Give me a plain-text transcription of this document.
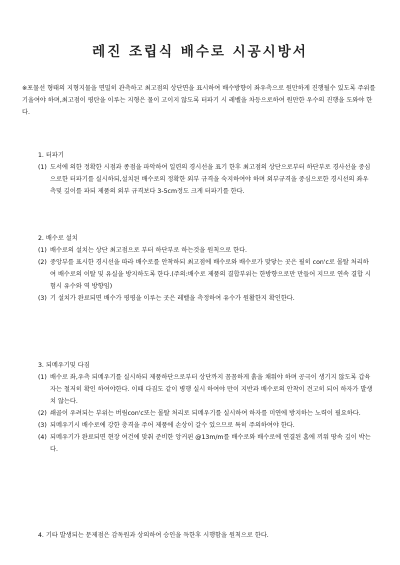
레진 조립식 배수로 시공시방서
※포물선 형태의 지형지물을 면밀히 관측하고 최고점의 상단면을 표시하여 배수방향이 좌우측으로 원만하게 진행될수 있도록 주위를 기울여야 하며,최고점이 평탄을 이루는 지형은 물이 고이지 않도록 터파기 시 레벨을 차등으로하여 원만한 우수의 진행을 도와야 한다.
1. 터파기
(1) 도서에 의한 정확한 시점과 종점을 파악하여 일련의 경시선을 표기 한후 최고점의 상단으로부터 하단부로 경사선을 중심으로한 터파기를 실시하되,설치된 배수로의 정확한 외부 규격을 숙지하여야 하며 외부규격을 중심으로한 경시선의 좌우측및 깊이를 파되 제품의 외부 규격보다 3-5cm정도 크게 터파기를 한다.
2. 배수로 설치
(1) 배수로의 설치는 상단 최고점으로 부터 하단부로 하는것을 원칙으로 한다.
(2) 중앙부를 표시한 경시선을 따라 배수로를 안착하되 최고점에 배수로와 배수로가 맞닿는 곳은 필히 con'c로 몰탈 처리하여 배수로의 이탈 및 유실을 방지하도록 한다.(주의:배수로 제품의 결합부위는 한방향으로만 만들어 지므로 연속 결합 시험시 유수와 역 방향임)
(3) 기 설치가 완료되면 배수가 평평을 이루는 곳은 레벨을 측정하여 유수가 원활한지 확인한다.
3. 되메우기및 다짐
(1) 배수로 좌,우측 되메우기를 실시하되 제품하단으로부터 상단까지 꼼꼼하게 흙을 채워야 하며 공극이 생기지 않도록 갑육자는 철저히 확인 하여야한다. 이때 다짐도 같이 병행 실시 하여야 만이 지반과 배수로의 안착이 견고히 되어 하자가 발생치 않는다.
(2) 쇄골이 우려되는 부위는 버림con'c또는 몰탈 처리로 되메우기를 실시하여 하자를 미연에 방지하는 노력이 필요하다.
(3) 되메우기시 배수로에 강한 충격을 주어 제품에 손상이 갈수 있으므로 특히 주의하여야 한다.
(4) 되메우기가 완료되면 현장 여건에 맞춰 준비한 앙커핀 @13m/m를 배수로와 배수로에 연결된 홈에 끼워 땅속 깊이 박는다.
4. 기타 발생되는 문제점은 감독원과 상의하여 승인을 득한후 시행함을 원칙으로 한다.
